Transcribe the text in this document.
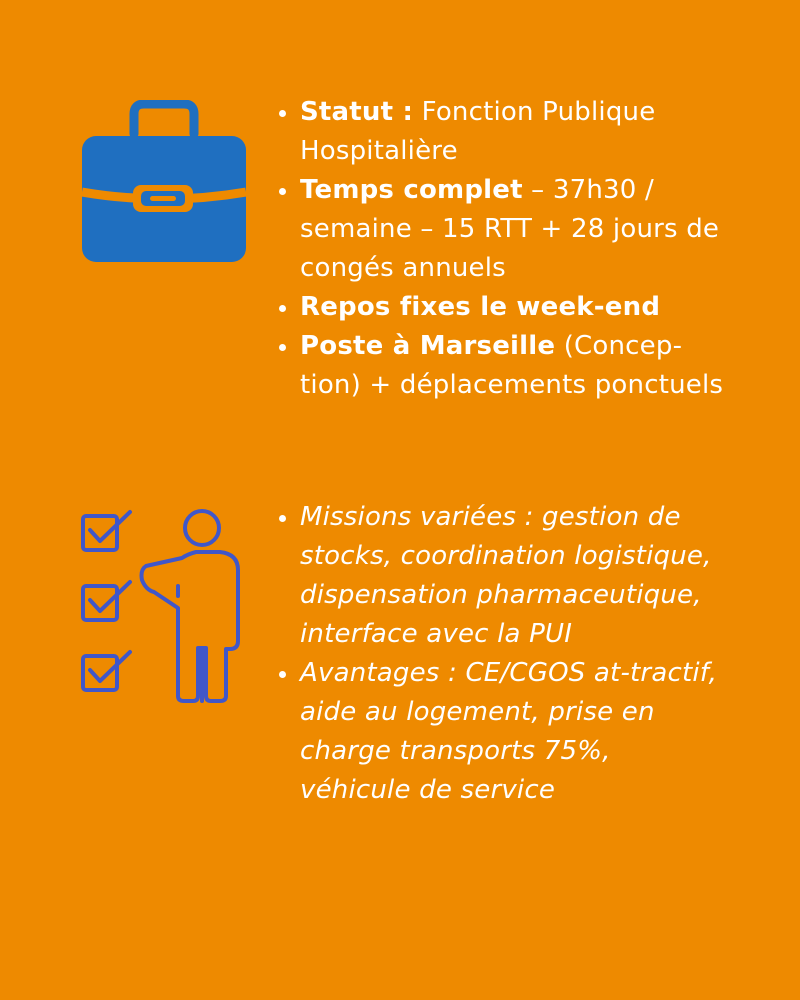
Statut : Fonction Publique Hospitalière
Temps complet – 37h30 / semaine – 15 RTT + 28 jours de congés annuels
Repos fixes le week-end
Poste à Marseille (Concep-tion) + déplacements ponctuels
Missions variées : gestion de stocks, coordination logistique, dispensation pharmaceutique, interface avec la PUI
Avantages : CE/CGOS at-tractif, aide au logement, prise en charge transports 75%, véhicule de service
